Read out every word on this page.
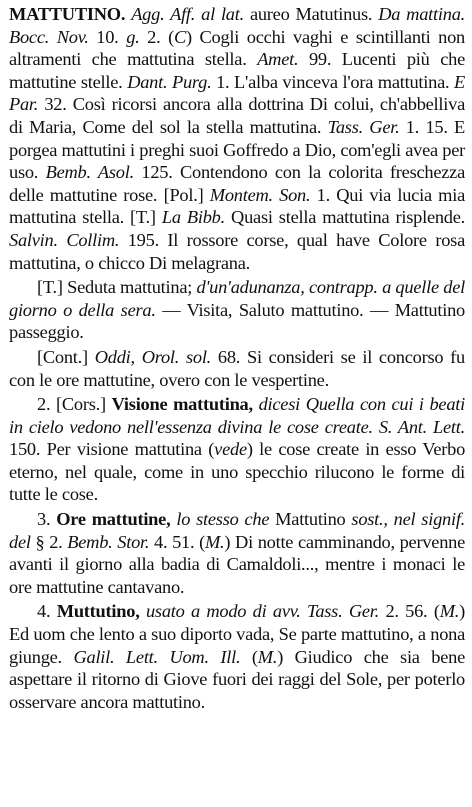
MATTUTINO. Agg. Aff. al lat. aureo Matutinus. Da mattina. Bocc. Nov. 10. g. 2. (C) Cogli occhi vaghi e scintillanti non altramenti che mattutina stella. Amet. 99. Lucenti più che mattutine stelle. Dant. Purg. 1. L'alba vinceva l'ora mattutina. E Par. 32. Così ricorsi ancora alla dottrina Di colui, ch'abbelliva di Maria, Come del sol la stella mattutina. Tass. Ger. 1. 15. E porgea mattutini i preghi suoi Goffredo a Dio, com'egli avea per uso. Bemb. Asol. 125. Contendono con la colorita freschezza delle mattutine rose. [Pol.] Montem. Son. 1. Qui via lucia mia mattutina stella. [T.] La Bibb. Quasi stella mattutina risplende. Salvin. Collim. 195. Il rossore corse, qual have Colore rosa mattutina, o chicco Di melagrana.

[T.] Seduta mattutina; d'un'adunanza, contrapp. a quelle del giorno o della sera. — Visita, Saluto mattutino. — Mattutino passeggio.

[Cont.] Oddi, Orol. sol. 68. Si consideri se il concorso fu con le ore mattutine, overo con le vespertine.

2. [Cors.] Visione mattutina, dicesi Quella con cui i beati in cielo vedono nell'essenza divina le cose create. S. Ant. Lett. 150. Per visione mattutina (vede) le cose create in esso Verbo eterno, nel quale, come in uno specchio rilucono le forme di tutte le cose.

3. Ore mattutine, lo stesso che Mattutino sost., nel signif. del § 2. Bemb. Stor. 4. 51. (M.) Di notte camminando, pervenne avanti il giorno alla badia di Camaldoli..., mentre i monaci le ore mattutine cantavano.

4. Muttutino, usato a modo di avv. Tass. Ger. 2. 56. (M.) Ed uom che lento a suo diporto vada, Se parte mattutino, a nona giunge. Galil. Lett. Uom. Ill. (M.) Giudico che sia bene aspettare il ritorno di Giove fuori dei raggi del Sole, per poterlo osservare ancora mattutino.
